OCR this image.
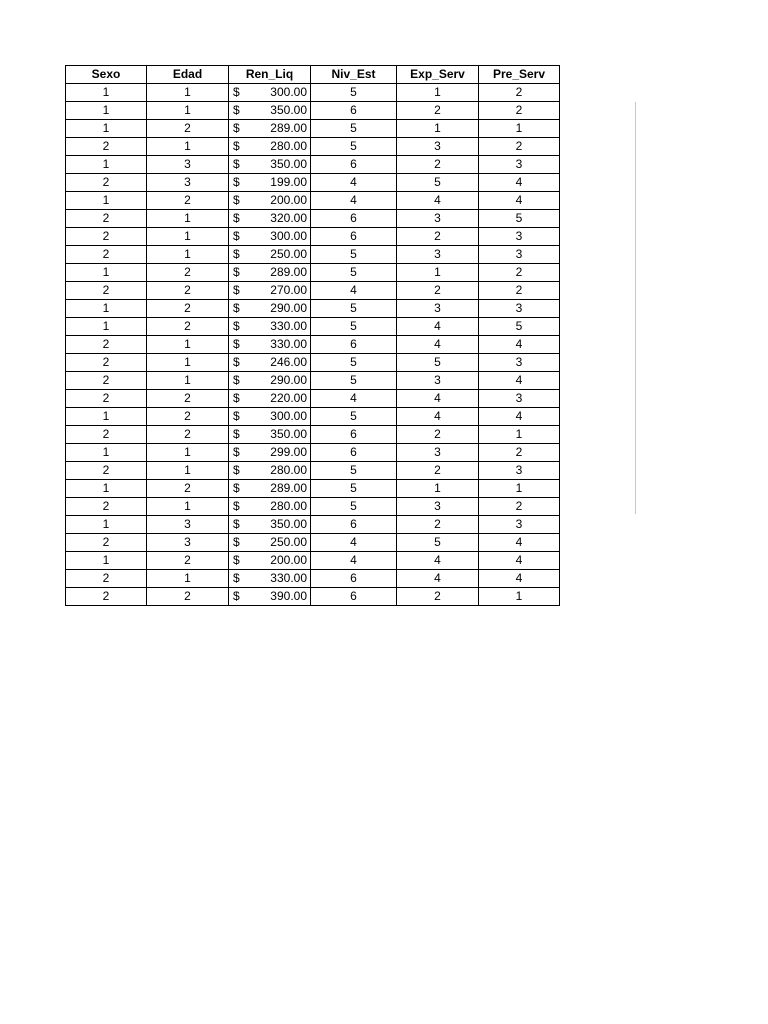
Sexo	Edad	Ren_Liq	Niv_Est	Exp_Serv	Pre_Serv
1	1	$ 300.00	5	1	2
1	1	$ 350.00	6	2	2
1	2	$ 289.00	5	1	1
2	1	$ 280.00	5	3	2
1	3	$ 350.00	6	2	3
2	3	$ 199.00	4	5	4
1	2	$ 200.00	4	4	4
2	1	$ 320.00	6	3	5
2	1	$ 300.00	6	2	3
2	1	$ 250.00	5	3	3
1	2	$ 289.00	5	1	2
2	2	$ 270.00	4	2	2
1	2	$ 290.00	5	3	3
1	2	$ 330.00	5	4	5
2	1	$ 330.00	6	4	4
2	1	$ 246.00	5	5	3
2	1	$ 290.00	5	3	4
2	2	$ 220.00	4	4	3
1	2	$ 300.00	5	4	4
2	2	$ 350.00	6	2	1
1	1	$ 299.00	6	3	2
2	1	$ 280.00	5	2	3
1	2	$ 289.00	5	1	1
2	1	$ 280.00	5	3	2
1	3	$ 350.00	6	2	3
2	3	$ 250.00	4	5	4
1	2	$ 200.00	4	4	4
2	1	$ 330.00	6	4	4
2	2	$ 390.00	6	2	1
